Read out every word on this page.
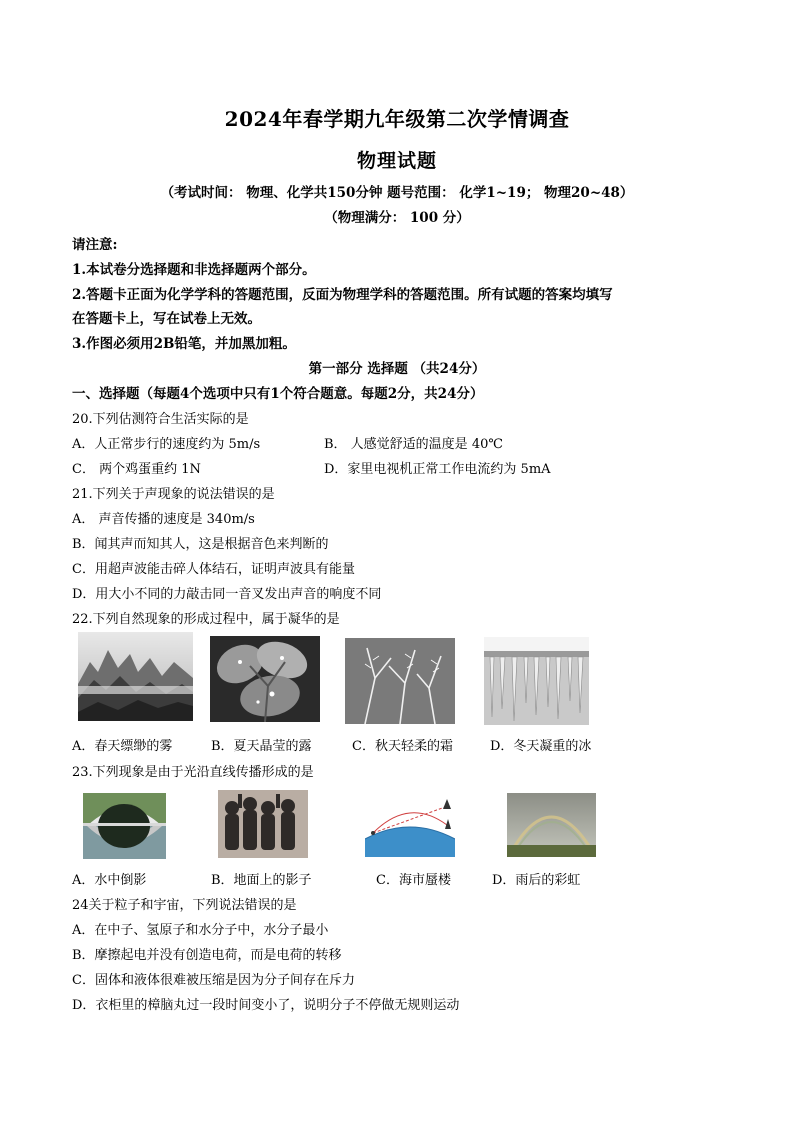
2024年春学期九年级第二次学情调查
物理试题
（考试时间： 物理、化学共150分钟 题号范围： 化学1~19； 物理20~48）
（物理满分： 100 分）
请注意:
1.本试卷分选择题和非选择题两个部分。
2.答题卡正面为化学学科的答题范围，反面为物理学科的答题范围。所有试题的答案均填写
在答题卡上，写在试卷上无效。
3.作图必须用2B铅笔，并加黑加粗。
第一部分 选择题 （共24分）
一、选择题（每题4个选项中只有1个符合题意。每题2分，共24分）
20.下列估测符合生活实际的是
A．人正常步行的速度约为 5m/s	B． 人感觉舒适的温度是 40℃
C． 两个鸡蛋重约 1N	D．家里电视机正常工作电流约为 5mA
21.下列关于声现象的说法错误的是
A． 声音传播的速度是 340m/s
B．闻其声而知其人，这是根据音色来判断的
C．用超声波能击碎人体结石，证明声波具有能量
D．用大小不同的力敲击同一音叉发出声音的响度不同
22.下列自然现象的形成过程中，属于凝华的是
A．春天缥缈的雾	B．夏天晶莹的露	C．秋天轻柔的霜	D．冬天凝重的冰
23.下列现象是由于光沿直线传播形成的是
A．水中倒影	B．地面上的影子	C．海市蜃楼	D．雨后的彩虹
24关于粒子和宇宙，下列说法错误的是
A．在中子、氢原子和水分子中，水分子最小
B．摩擦起电并没有创造电荷，而是电荷的转移
C．固体和液体很难被压缩是因为分子间存在斥力
D．衣柜里的樟脑丸过一段时间变小了，说明分子不停做无规则运动
